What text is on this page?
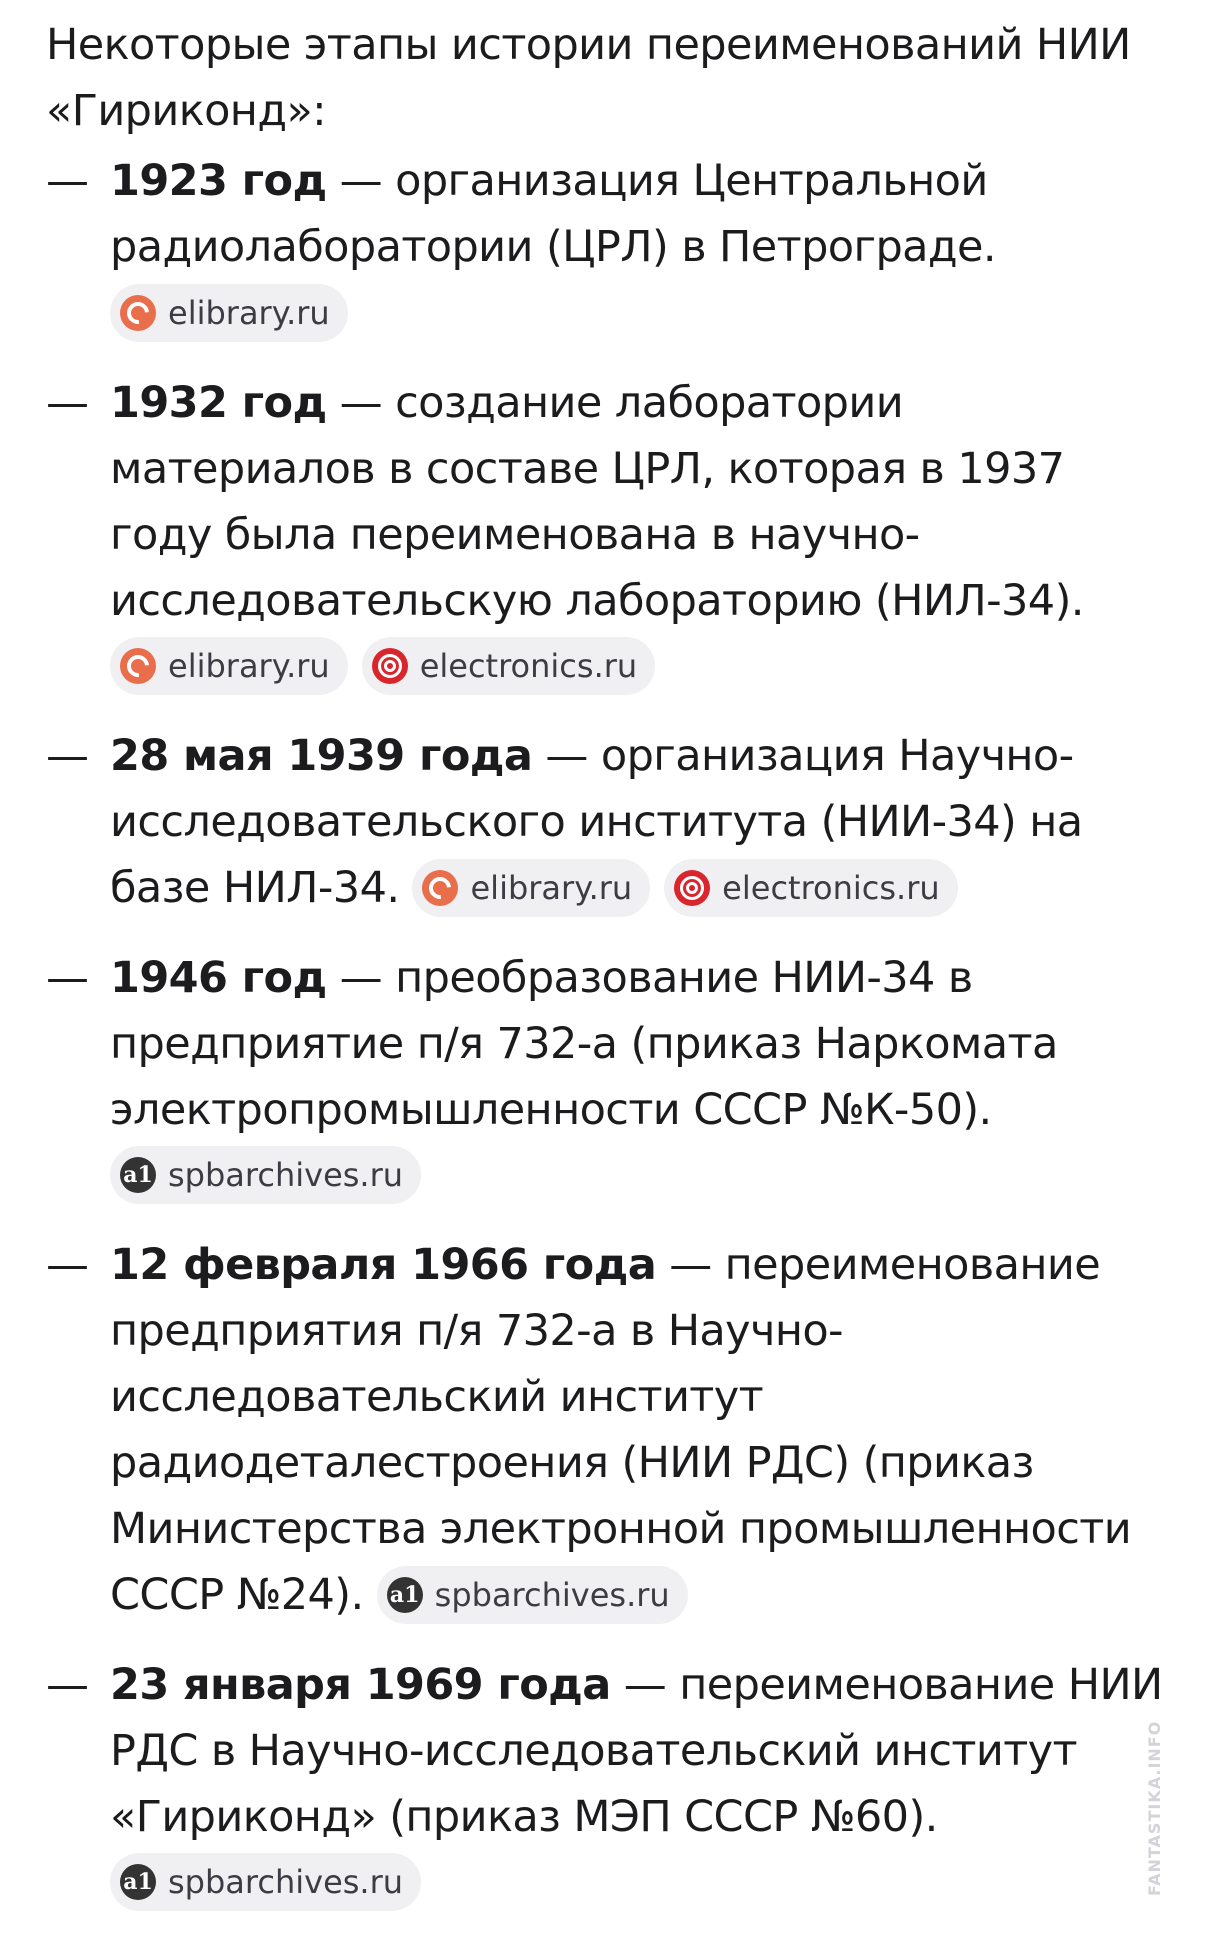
Некоторые этапы истории переименований НИИ «Гириконд»:

— 1923 год — организация Центральной радиолаборатории (ЦРЛ) в Петрограде.
elibrary.ru
— 1932 год — создание лаборатории материалов в составе ЦРЛ, которая в 1937 году была переименована в научно-исследовательскую лабораторию (НИЛ-34).
elibrary.ru	electronics.ru
— 28 мая 1939 года — организация Научно-исследовательского института (НИИ-34) на базе НИЛ-34. elibrary.ru	electronics.ru
— 1946 год — преобразование НИИ-34 в предприятие п/я 732-а (приказ Наркомата электропромышленности СССР №К-50).
a1 spbarchives.ru
— 12 февраля 1966 года — переименование предприятия п/я 732-а в Научно-исследовательский институт радиодеталестроения (НИИ РДС) (приказ Министерства электронной промышленности СССР №24). a1 spbarchives.ru
— 23 января 1969 года — переименование НИИ РДС в Научно-исследовательский институт «Гириконд» (приказ МЭП СССР №60).
a1 spbarchives.ru	FANTASTIKA.INFO
